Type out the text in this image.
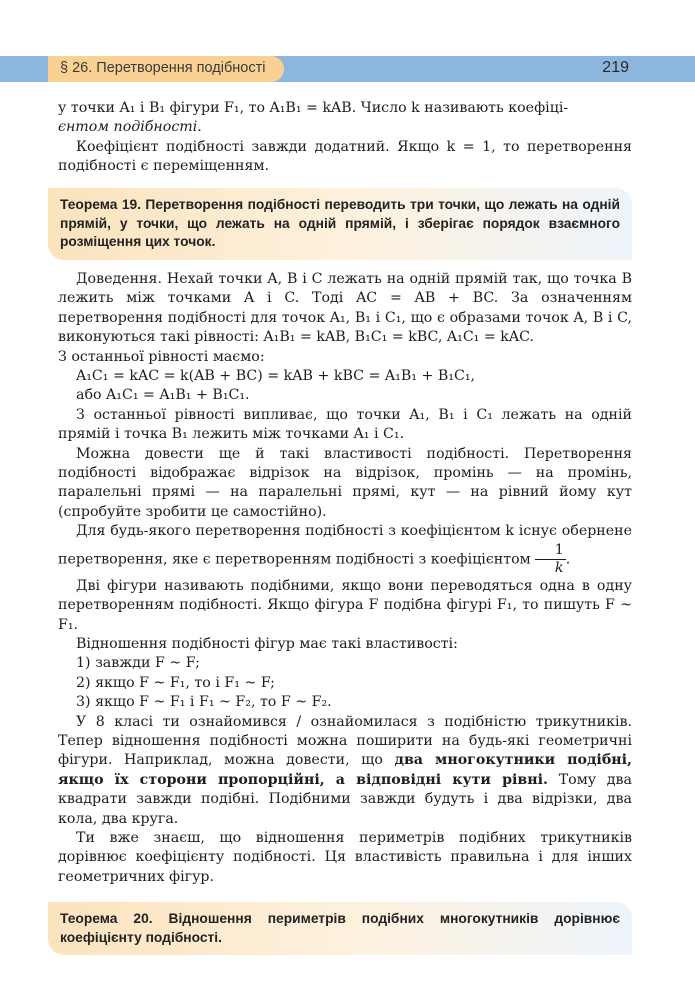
§ 26. Перетворення подібності	219

у точки A₁ і B₁ фігури F₁, то A₁B₁ = kAB. Число k називають коефіці-

єнтом подібності.

Коефіцієнт подібності завжди додатний. Якщо k = 1, то перетворення подібності є переміщенням.

Теорема 19. Перетворення подібності переводить три точки, що лежать на одній прямій, у точки, що лежать на одній прямій, і зберігає порядок взаємного розміщення цих точок.

Доведення. Нехай точки A, B і C лежать на одній прямій так, що точка B лежить між точками A і C. Тоді AC = AB + BC. За означенням перетворення подібності для точок A₁, B₁ і C₁, що є образами точок A, B і C, виконуються такі рівності: A₁B₁ = kAB, B₁C₁ = kBC, A₁C₁ = kAC.

З останньої рівності маємо:

A₁C₁ = kAC = k(AB + BC) = kAB + kBC = A₁B₁ + B₁C₁,

або A₁C₁ = A₁B₁ + B₁C₁.

З останньої рівності випливає, що точки A₁, B₁ і C₁ лежать на одній прямій і точка B₁ лежить між точками A₁ і C₁.

Можна довести ще й такі властивості подібності. Перетворення подібності відображає відрізок на відрізок, промінь — на промінь, паралельні прямі — на паралельні прямі, кут — на рівний йому кут (спробуйте зробити це самостійно).

Для будь-якого перетворення подібності з коефіцієнтом k існує обернене перетворення, яке є перетворенням подібності з коефіцієнтом $\frac{1}{k}$ .

Дві фігури називають подібними, якщо вони переводяться одна в одну перетворенням подібності. Якщо фігура F подібна фігурі F₁, то пишуть F ~ F₁.

Відношення подібності фігур має такі властивості:

1) завжди F ~ F;

2) якщо F ~ F₁, то і F₁ ~ F;

3) якщо F ~ F₁ і F₁ ~ F₂, то F ~ F₂.

У 8 класі ти ознайомився / ознайомилася з подібністю трикутників. Тепер відношення подібності можна поширити на будь-які геометричні фігури. Наприклад, можна довести, що два многокутники подібні, якщо їх сторони пропорційні, а відповідні кути рівні. Тому два квадрати завжди подібні. Подібними завжди будуть і два відрізки, два кола, два круга.

Ти вже знаєш, що відношення периметрів подібних трикутників дорівнює коефіцієнту подібності. Ця властивість правильна і для інших геометричних фігур.

Теорема 20. Відношення периметрів подібних многокутників дорівнює коефіцієнту подібності.
